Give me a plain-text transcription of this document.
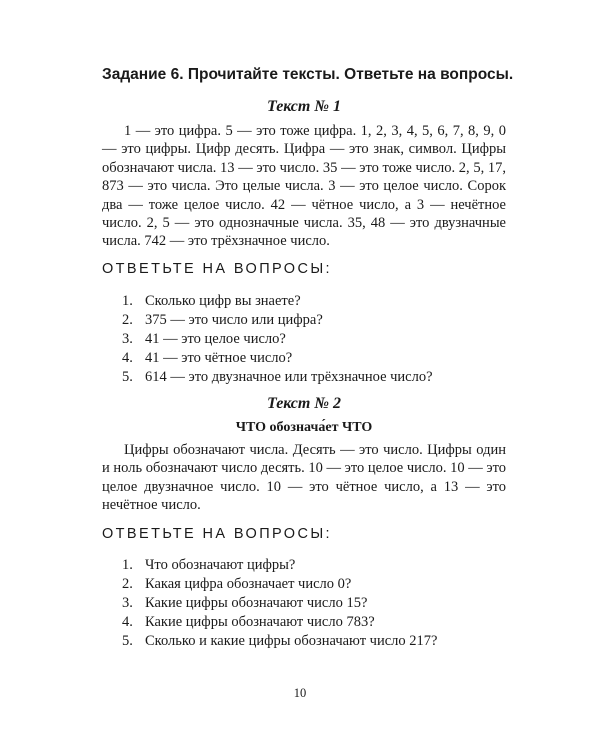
Задание 6. Прочитайте тексты. Ответьте на вопросы.
Текст № 1

1 — это цифра. 5 — это тоже цифра. 1, 2, 3, 4, 5, 6, 7, 8, 9, 0 — это цифры. Цифр десять. Цифра — это знак, символ. Цифры обозначают числа. 13 — это число. 35 — это тоже число. 2, 5, 17, 873 — это числа. Это целые числа. 3 — это целое число. Сорок два — тоже целое число. 42 — чётное число, а 3 — нечётное число. 2, 5 — это однозначные числа. 35, 48 — это двузначные числа. 742 — это трёхзначное число.

ОТВЕТЬТЕ НА ВОПРОСЫ:
1. Сколько цифр вы знаете?
2. 375 — это число или цифра?
3. 41 — это целое число?
4. 41 — это чётное число?
5. 614 — это двузначное или трёхзначное число?
Текст № 2
ЧТО обознача́ет ЧТО

Цифры обозначают числа. Десять — это число. Цифры один и ноль обозначают число десять. 10 — это целое число. 10 — это целое двузначное число. 10 — это чётное число, а 13 — это нечётное число.

ОТВЕТЬТЕ НА ВОПРОСЫ:
1. Что обозначают цифры?
2. Какая цифра обозначает число 0?
3. Какие цифры обозначают число 15?
4. Какие цифры обозначают число 783?
5. Сколько и какие цифры обозначают число 217?
10
